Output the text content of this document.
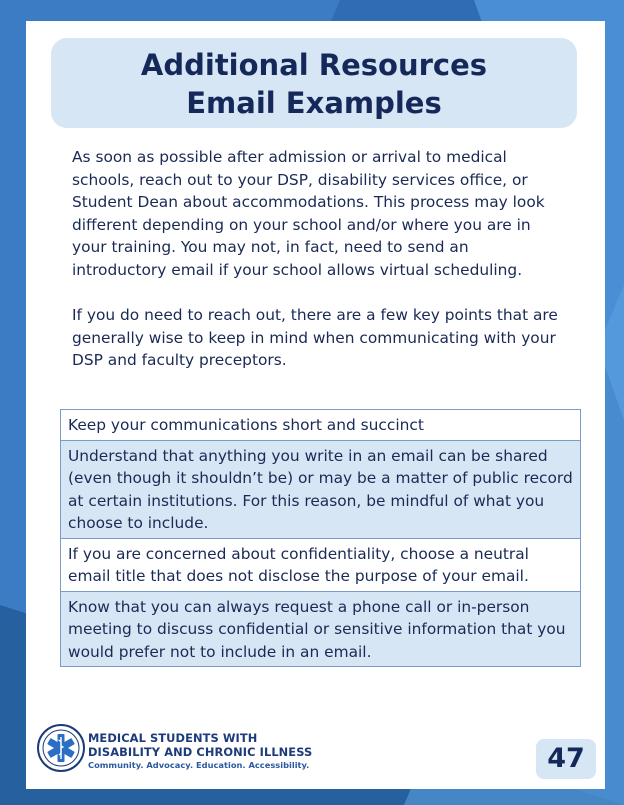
Additional Resources
Email Examples

As soon as possible after admission or arrival to medical schools, reach out to your DSP, disability services office, or Student Dean about accommodations. This process may look different depending on your school and/or where you are in your training. You may not, in fact, need to send an introductory email if your school allows virtual scheduling.

If you do need to reach out, there are a few key points that are generally wise to keep in mind when communicating with your DSP and faculty preceptors.

Keep your communications short and succinct
Understand that anything you write in an email can be shared (even though it shouldn’t be) or may be a matter of public record at certain institutions. For this reason, be mindful of what you choose to include.
If you are concerned about confidentiality, choose a neutral email title that does not disclose the purpose of your email.
Know that you can always request a phone call or in-person meeting to discuss confidential or sensitive information that you would prefer not to include in an email.
MEDICAL STUDENTS WITH
DISABILITY AND CHRONIC ILLNESS
Community. Advocacy. Education. Accessibility.	47
